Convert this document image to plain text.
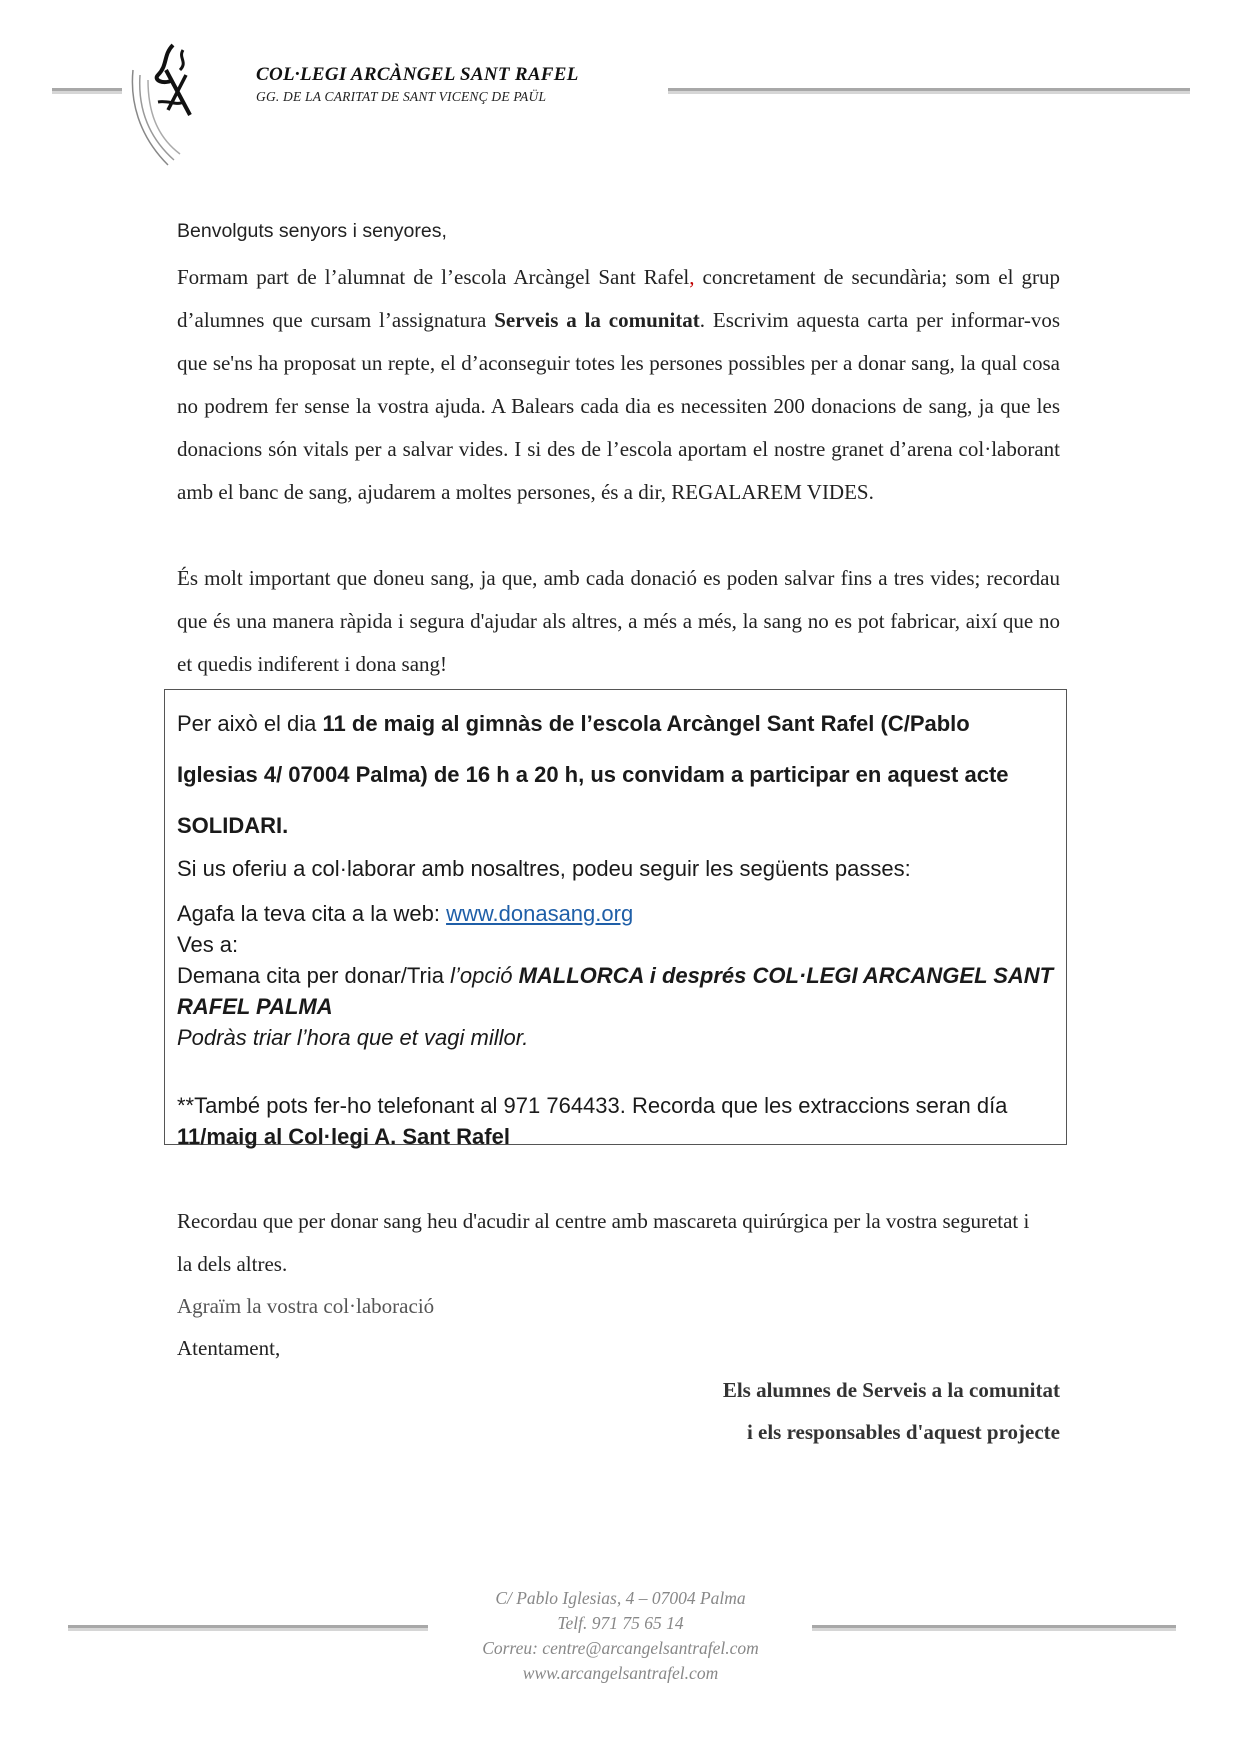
COL·LEGI ARCÀNGEL SANT RAFEL
GG. DE LA CARITAT DE SANT VICENÇ DE PAÜL
Benvolguts senyors i senyores,
Formam part de l’alumnat de l’escola Arcàngel Sant Rafel, concretament de secundària; som el grup d’alumnes que cursam l’assignatura Serveis a la comunitat. Escrivim aquesta carta per informar-vos que se'ns ha proposat un repte, el d’aconseguir totes les persones possibles per a donar sang, la qual cosa no podrem fer sense la vostra ajuda. A Balears cada dia es necessiten 200 donacions de sang, ja que les donacions són vitals per a salvar vides. I si des de l’escola aportam el nostre granet d’arena col·laborant amb el banc de sang, ajudarem a moltes persones, és a dir, REGALAREM VIDES.
És molt important que doneu sang, ja que, amb cada donació es poden salvar fins a tres vides; recordau que és una manera ràpida i segura d'ajudar als altres, a més a més, la sang no es pot fabricar, així que no et quedis indiferent i dona sang!

Per això el dia 11 de maig al gimnàs de l’escola Arcàngel Sant Rafel (C/Pablo Iglesias 4/ 07004 Palma) de 16 h a 20 h, us convidam a participar en aquest acte SOLIDARI.

Si us oferiu a col·laborar amb nosaltres, podeu seguir les següents passes:

Agafa la teva cita a la web: www.donasang.org
Ves a:
Demana cita per donar/Tria l’opció MALLORCA i després COL·LEGI ARCANGEL SANT RAFEL PALMA
Podràs triar l’hora que et vagi millor.

**També pots fer-ho telefonant al 971 764433. Recorda que les extraccions seran día 11/maig al Col·legi A. Sant Rafel

Recordau que per donar sang heu d'acudir al centre amb mascareta quirúrgica per la vostra seguretat i la dels altres.
Agraïm la vostra col·laboració
Atentament,
Els alumnes de Serveis a la comunitat
i els responsables d'aquest projecte
C/ Pablo Iglesias, 4 – 07004 Palma
Telf. 971 75 65 14
Correu: centre@arcangelsantrafel.com
www.arcangelsantrafel.com
